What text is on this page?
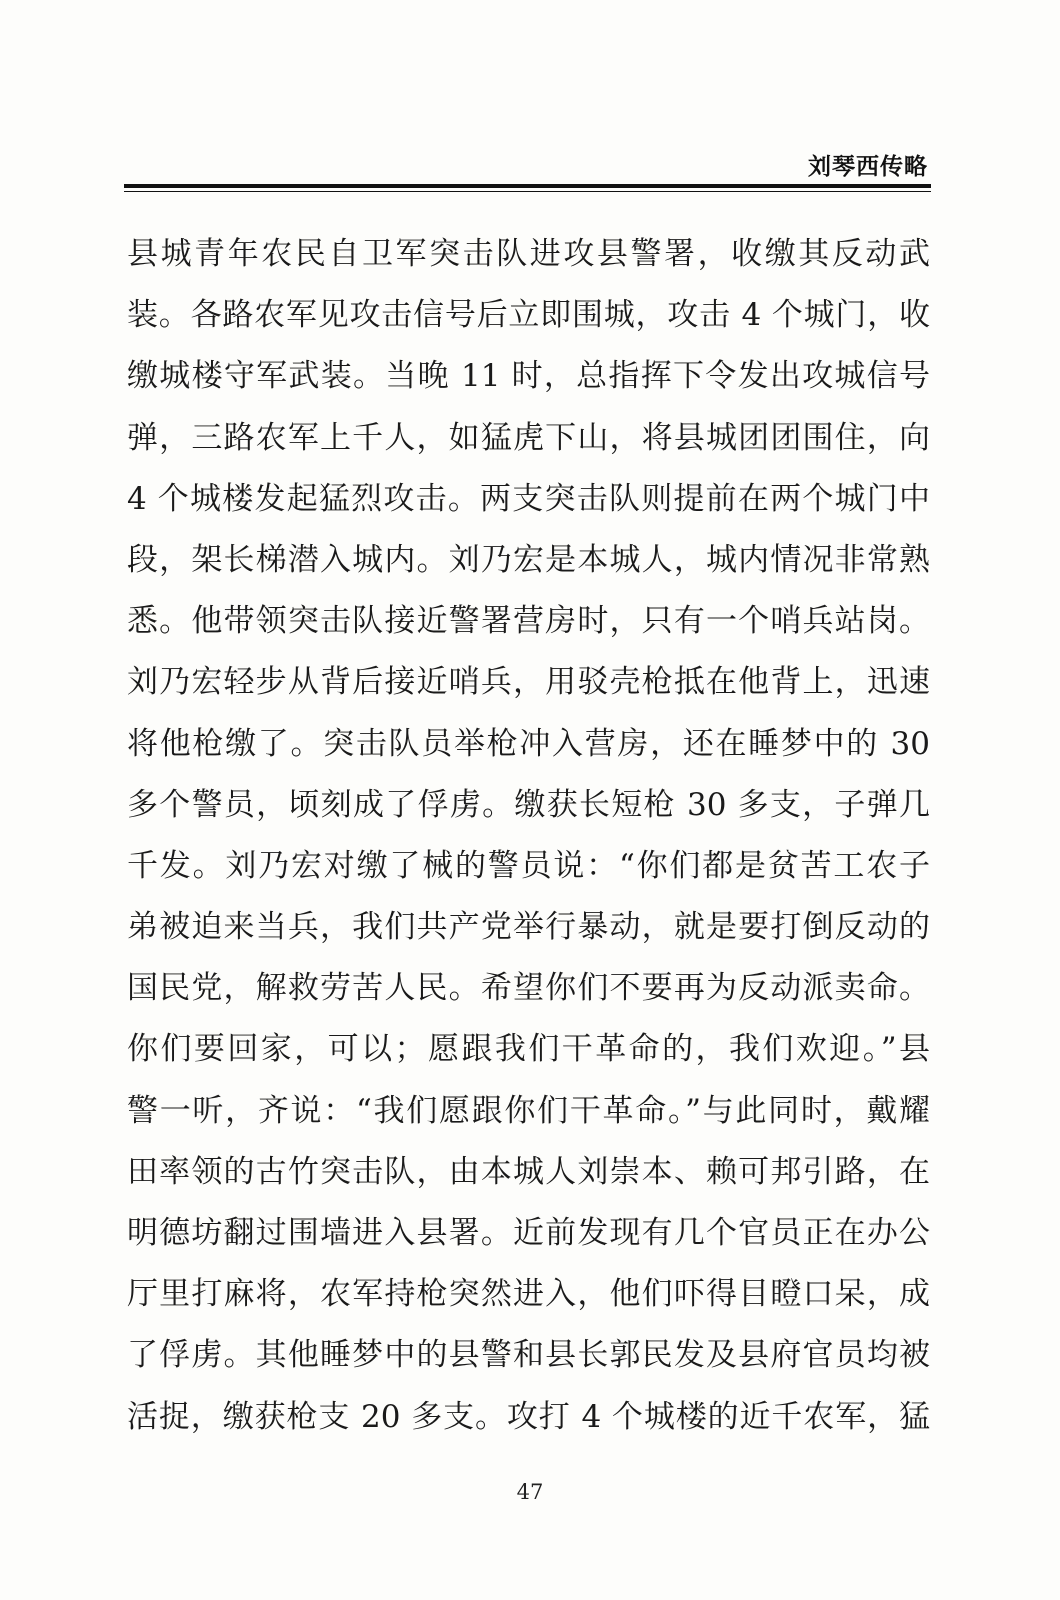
刘琴西传略
县城青年农民自卫军突击队进攻县警署，收缴其反动武
装。各路农军见攻击信号后立即围城，攻击 4 个城门，收
缴城楼守军武装。当晚 11 时，总指挥下令发出攻城信号
弹，三路农军上千人，如猛虎下山，将县城团团围住，向
4 个城楼发起猛烈攻击。两支突击队则提前在两个城门中
段，架长梯潜入城内。刘乃宏是本城人，城内情况非常熟
悉。他带领突击队接近警署营房时，只有一个哨兵站岗。
刘乃宏轻步从背后接近哨兵，用驳壳枪抵在他背上，迅速
将他枪缴了。突击队员举枪冲入营房，还在睡梦中的 30
多个警员，顷刻成了俘虏。缴获长短枪 30 多支，子弹几
千发。刘乃宏对缴了械的警员说：“你们都是贫苦工农子
弟被迫来当兵，我们共产党举行暴动，就是要打倒反动的
国民党，解救劳苦人民。希望你们不要再为反动派卖命。
你们要回家，可以；愿跟我们干革命的，我们欢迎。”县
警一听，齐说：“我们愿跟你们干革命。”与此同时，戴耀
田率领的古竹突击队，由本城人刘崇本、赖可邦引路，在
明德坊翻过围墙进入县署。近前发现有几个官员正在办公
厅里打麻将，农军持枪突然进入，他们吓得目瞪口呆，成
了俘虏。其他睡梦中的县警和县长郭民发及县府官员均被
活捉，缴获枪支 20 多支。攻打 4 个城楼的近千农军，猛
47
